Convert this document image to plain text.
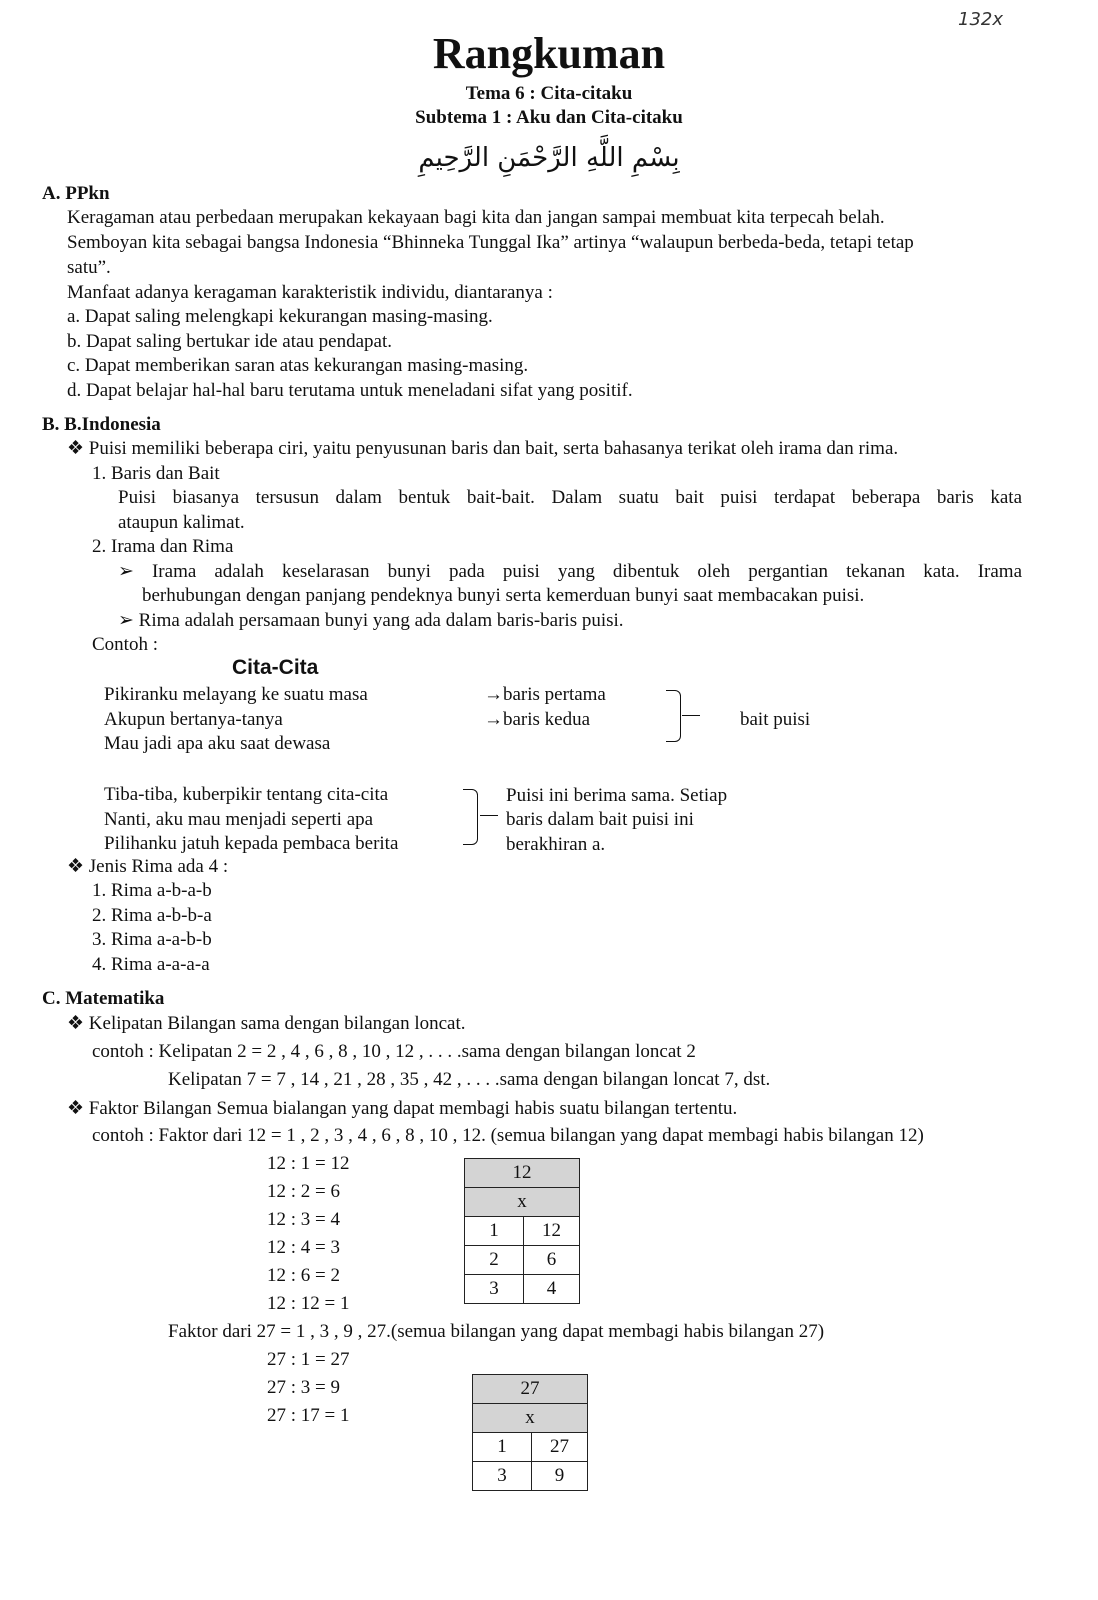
132x
Rangkuman
Tema 6 : Cita-citaku
Subtema 1 : Aku dan Cita-citaku
بِسْمِ اللَّهِ الرَّحْمَنِ الرَّحِيمِ
A. PPkn
Keragaman atau perbedaan merupakan kekayaan bagi kita dan jangan sampai membuat kita terpecah belah.
Semboyan kita sebagai bangsa Indonesia “Bhinneka Tunggal Ika” artinya “walaupun berbeda-beda, tetapi tetap
satu”.
Manfaat adanya keragaman karakteristik individu, diantaranya :
a. Dapat saling melengkapi kekurangan masing-masing.
b. Dapat saling bertukar ide atau pendapat.
c. Dapat memberikan saran atas kekurangan masing-masing.
d. Dapat belajar hal-hal baru terutama untuk meneladani sifat yang positif.
B. B.Indonesia
❖ Puisi memiliki beberapa ciri, yaitu penyusunan baris dan bait, serta bahasanya terikat oleh irama dan rima.
1. Baris dan Bait
Puisi biasanya tersusun dalam bentuk bait-bait. Dalam suatu bait puisi terdapat beberapa baris kata
ataupun kalimat.
2. Irama dan Rima
➢ Irama adalah keselarasan bunyi pada puisi yang dibentuk oleh pergantian tekanan kata. Irama
berhubungan dengan panjang pendeknya bunyi serta kemerduan bunyi saat membacakan puisi.
➢ Rima adalah persamaan bunyi yang ada dalam baris-baris puisi.
Contoh :
Cita-Cita
Pikiranku melayang ke suatu masa
Akupun bertanya-tanya
Mau jadi apa aku saat dewasa
→baris pertama
→baris kedua	bait puisi
Tiba-tiba, kuberpikir tentang cita-cita
Nanti, aku mau menjadi seperti apa
Pilihanku jatuh kepada pembaca berita
Puisi ini berima sama. Setiap
baris dalam bait puisi ini
berakhiran a.
❖ Jenis Rima ada 4 :
1. Rima a-b-a-b
2. Rima a-b-b-a
3. Rima a-a-b-b
4. Rima a-a-a-a
C. Matematika
❖ Kelipatan Bilangan sama dengan bilangan loncat.
contoh : Kelipatan 2 = 2 , 4 , 6 , 8 , 10 , 12 , . . . .sama dengan bilangan loncat 2
Kelipatan 7 = 7 , 14 , 21 , 28 , 35 , 42 , . . . .sama dengan bilangan loncat 7, dst.
❖ Faktor Bilangan Semua bialangan yang dapat membagi habis suatu bilangan tertentu.
contoh : Faktor dari 12 = 1 , 2 , 3 , 4 , 6 , 8 , 10 , 12. (semua bilangan yang dapat membagi habis bilangan 12)
12 : 1 = 12
12 : 2 = 6
12 : 3 = 4
12 : 4 = 3
12 : 6 = 2
12 : 12 = 1
12	
x	
1	12
2	6
3	4
Faktor dari 27 = 1 , 3 , 9 , 27.(semua bilangan yang dapat membagi habis bilangan 27)
27 : 1 = 27
27 : 3 = 9
27 : 17 = 1
27	
x	
1	27
3	9
